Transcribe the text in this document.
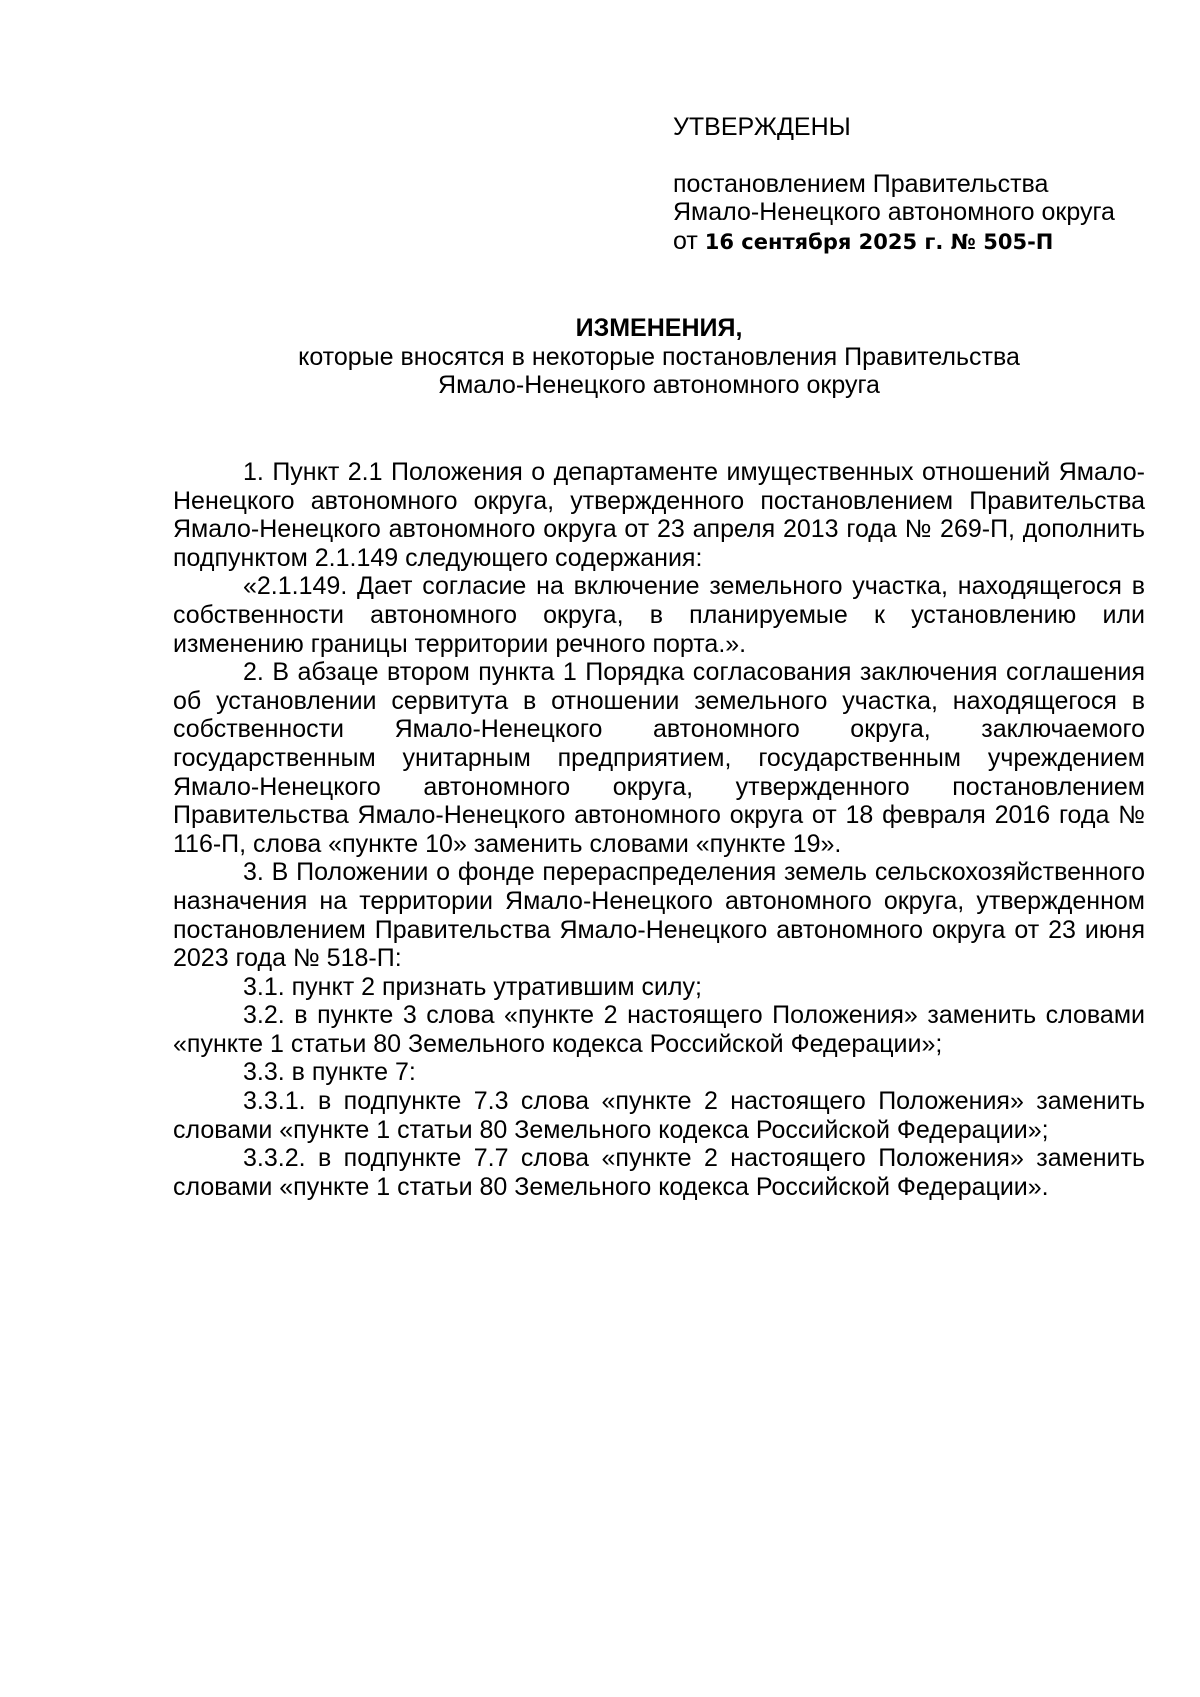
УТВЕРЖДЕНЫ
постановлением Правительства
Ямало-Ненецкого автономного округа
от 16 сентября 2025 г. № 505-П
ИЗМЕНЕНИЯ,
которые вносятся в некоторые постановления Правительства
Ямало-Ненецкого автономного округа

1. Пункт 2.1 Положения о департаменте имущественных отношений Ямало-Ненецкого автономного округа, утвержденного постановлением Правительства Ямало-Ненецкого автономного округа от 23 апреля 2013 года № 269-П, дополнить подпунктом 2.1.149 следующего содержания:

«2.1.149. Дает согласие на включение земельного участка, находящегося в собственности автономного округа, в планируемые к установлению или изменению границы территории речного порта.».

2. В абзаце втором пункта 1 Порядка согласования заключения соглашения об установлении сервитута в отношении земельного участка, находящегося в собственности Ямало-Ненецкого автономного округа, заключаемого государственным унитарным предприятием, государственным учреждением Ямало-Ненецкого автономного округа, утвержденного постановлением Правительства Ямало-Ненецкого автономного округа от 18 февраля 2016 года № 116-П, слова «пункте 10» заменить словами «пункте 19».

3. В Положении о фонде перераспределения земель сельскохозяйственного назначения на территории Ямало-Ненецкого автономного округа, утвержденном постановлением Правительства Ямало-Ненецкого автономного округа от 23 июня 2023 года № 518-П:

3.1. пункт 2 признать утратившим силу;

3.2. в пункте 3 слова «пункте 2 настоящего Положения» заменить словами «пункте 1 статьи 80 Земельного кодекса Российской Федерации»;

3.3. в пункте 7:

3.3.1. в подпункте 7.3 слова «пункте 2 настоящего Положения» заменить словами «пункте 1 статьи 80 Земельного кодекса Российской Федерации»;

3.3.2. в подпункте 7.7 слова «пункте 2 настоящего Положения» заменить словами «пункте 1 статьи 80 Земельного кодекса Российской Федерации».
